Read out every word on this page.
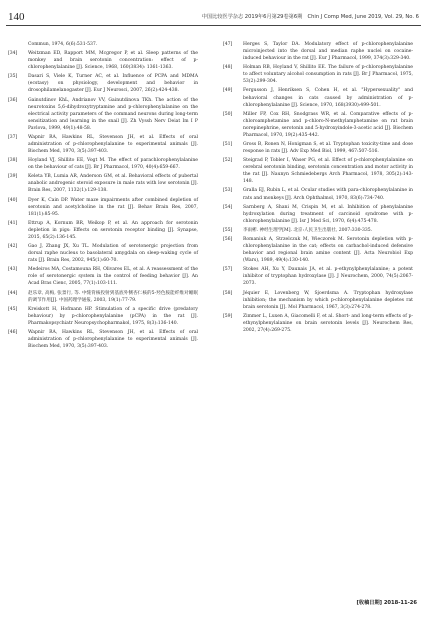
140	中国比较医学杂志 2019年6月第29卷第6期　Chin J Comp Med, June 2019, Vol. 29, No. 6
Commun, 1974, 6(6):531-537.
[34]	Weitzman ED, Rapport MM, Mcgregor P, et al. Sleep patterns of the monkey and brain serotonin concentration: effect of p-chlorophenylalanine [J]. Science, 1968, 160(3834): 1361-1363.
[35]	Dasari S, Viele K, Turner AC, et al. Influence of PCPA and MDMA (ecstasy) on physiology, development and behavior in drosophilamelanogaster [J]. Eur J Neurosci, 2007, 26(2):424-438.
[36]	Gainutdinov KhL, Andrianov VV, Gainutdinova TKh. The action of the neurotoxins 5,6-dihydroxytryptamine and p-chlorophenylalanine on the electrical activity parameters of the command neurons during long-term sensitization and learning in the snail [J]. Zh Vyssh Nerv Deiat Im I P Pavlova, 1999, 49(1):48-58.
[37]	Wapnir RA, Hawkins RL, Stevenson JH, et al. Effects of oral administration of p-chlorophenylalanine to experimental animals [J]. Biochem Med, 1970, 3(5):397-403.
[38]	Hoyland VJ, Shillito EE, Vogt M. The effect of parachlorophenylalanine on the behaviour of cats [J]. Br J Pharmacol, 1970, 40(4):659-667.
[39]	Keleta YB, Lumia AR, Anderson GM, et al. Behavioral effects of pubertal anabolic androgenic steroid exposure in male rats with low serotonin [J]. Brain Res, 2007, 1132(1):129-138.
[40]	Dyer K, Cain DP. Water maze impairments after combined depletion of serotonin and acetylcholine in the rat [J]. Behav Brain Res, 2007, 181(1):85-95.
[41]	Ettrup A, Kornum BR, Weikop P, et al. An approach for serotonin depletion in pigs: Effects on serotonin receptor binding [J]. Synapse, 2015, 65(2):136-145.
[42]	Gao J, Zhang JX, Xu TL. Modulation of serotonergic projection from dorsal raphe nucleus to basolateral amygdala on sleep-waking cycle of rats [J]. Brain Res, 2002, 945(1):60-70.
[43]	Medeiros MA, Costamouna RH, Olivares EL, et al. A reassessment of the role of serotonergic system in the control of feeding behavior [J]. An Acad Bras Cienc, 2005, 77(1):103-111.
[44]	赵乐章, 高梅, 张景行, 等. 中缝背核投射到基底外侧杏仁核的5-羟色胺能纤维对睡眠的调节作用[J]. 中国药理学通报, 2003, 19(1):77-79.
[45]	Kreiskott H, Hofmann HP. Stimulation of a specific drive (predatory behaviour) by p-chlorophenylalanine (pCPA) in the rat [J]. Pharmakopsychiatr Neuropsychopharmakol, 1975, 8(3):136-140.
[46]	Wapnir RA, Hawkins RL, Stevenson JH, et al. Effects of oral administration of p-chlorophenylalanine to experimental animals [J]. Biochem Med, 1970, 3(5):397-403.
[47]	Herges S, Taylor DA. Modulatory effect of p-chlorophenylalanine microinjected into the dorsal and median raphe nuclei on cocaine-induced behaviour in the rat [J]. Eur J Pharmacol, 1999, 374(3):329-340.
[48]	Holman RB, Hoyland V, Shillito EE. The failure of p-chlorophenylalanine to affect voluntary alcohol consumption in rats [J]. Br J Pharmacol, 1975, 53(2):299-304.
[49]	Fergusson J, Henriksen S, Cohen H, et al. "Hypersexuality" and behavioral changes in cats caused by administration of p-chlorophenylalanine [J]. Science, 1970, 168(3930):499-501.
[50]	Miller FP, Cox RH, Snodgrass WR, et al. Comparative effects of p-chloroamphetamine and p-chloro-N-methylamphetamine on rat brain norepinephrine, serotonin and 5-hydroxyindole-3-acetic acid [J]. Biochem Pharmacol, 1970, 19(2):435-442.
[51]	Gross B, Ronen N, Honigman S, et al. Tryptophan toxicity-time and dose response in rats [J]. Adv Exp Med Biol, 1999, 467:507-516.
[52]	Steigrad P, Tobler I, Waser PG, et al. Effect of p-chlorophenylalanine on cerebral serotonin binding, serotonin concentration and motor activity in the rat [J]. Naunyn Schmiedebergs Arch Pharmacol, 1978, 305(2):143-148.
[53]	Gralla EJ, Rubin L, et al. Ocular studies with para-chlorophenylalanine in rats and monkeys [J]. Arch Ophthalmol, 1970, 83(6):734-740.
[54]	Sarnberg A, Shani M, Crispin M, et al. Inhibition of phenylalanine hydroxylation during treatment of carcinoid syndrome with p-chlorophenylalanine [J]. Isr J Med Sci, 1970, 6(4):475-478.
[55]	李雨彬. 神经生理学[M]. 北京:人民卫生出版社, 2007:330-335.
[56]	Romaniuk A, Strzelczuk M, Wieczorek M. Serotonin depletion with p-chlorophenylalanine in the cat; effects on carbachol-induced defensive behavior and regional brain amine content [J]. Acta Neurobiol Exp (Wars), 1989, 49(4):130-140.
[57]	Stokes AH, Xu Y, Daunais JA, et al. p-ethynylphenylalanine; a potent inhibitor of tryptophan hydroxylase [J]. J Neurochem, 2000, 74(5):2067-2073.
[58]	Jéquier E, Lovenberg W, Sjoerdsma A. Tryptophan hydroxylase inhibition; the mechanism by which p-chlorophenylalanine depletes rat brain serotonin [J]. Mol Pharmacol, 1967, 3(3):274-278.
[59]	Zimmer L, Luxen A, Giacomelli F, et al. Short- and long-term effects of p-ethynylphenylalanine on brain serotonin levels [J]. Neurochem Res, 2002, 27(4):269-275.
[收稿日期] 2018-11-26
